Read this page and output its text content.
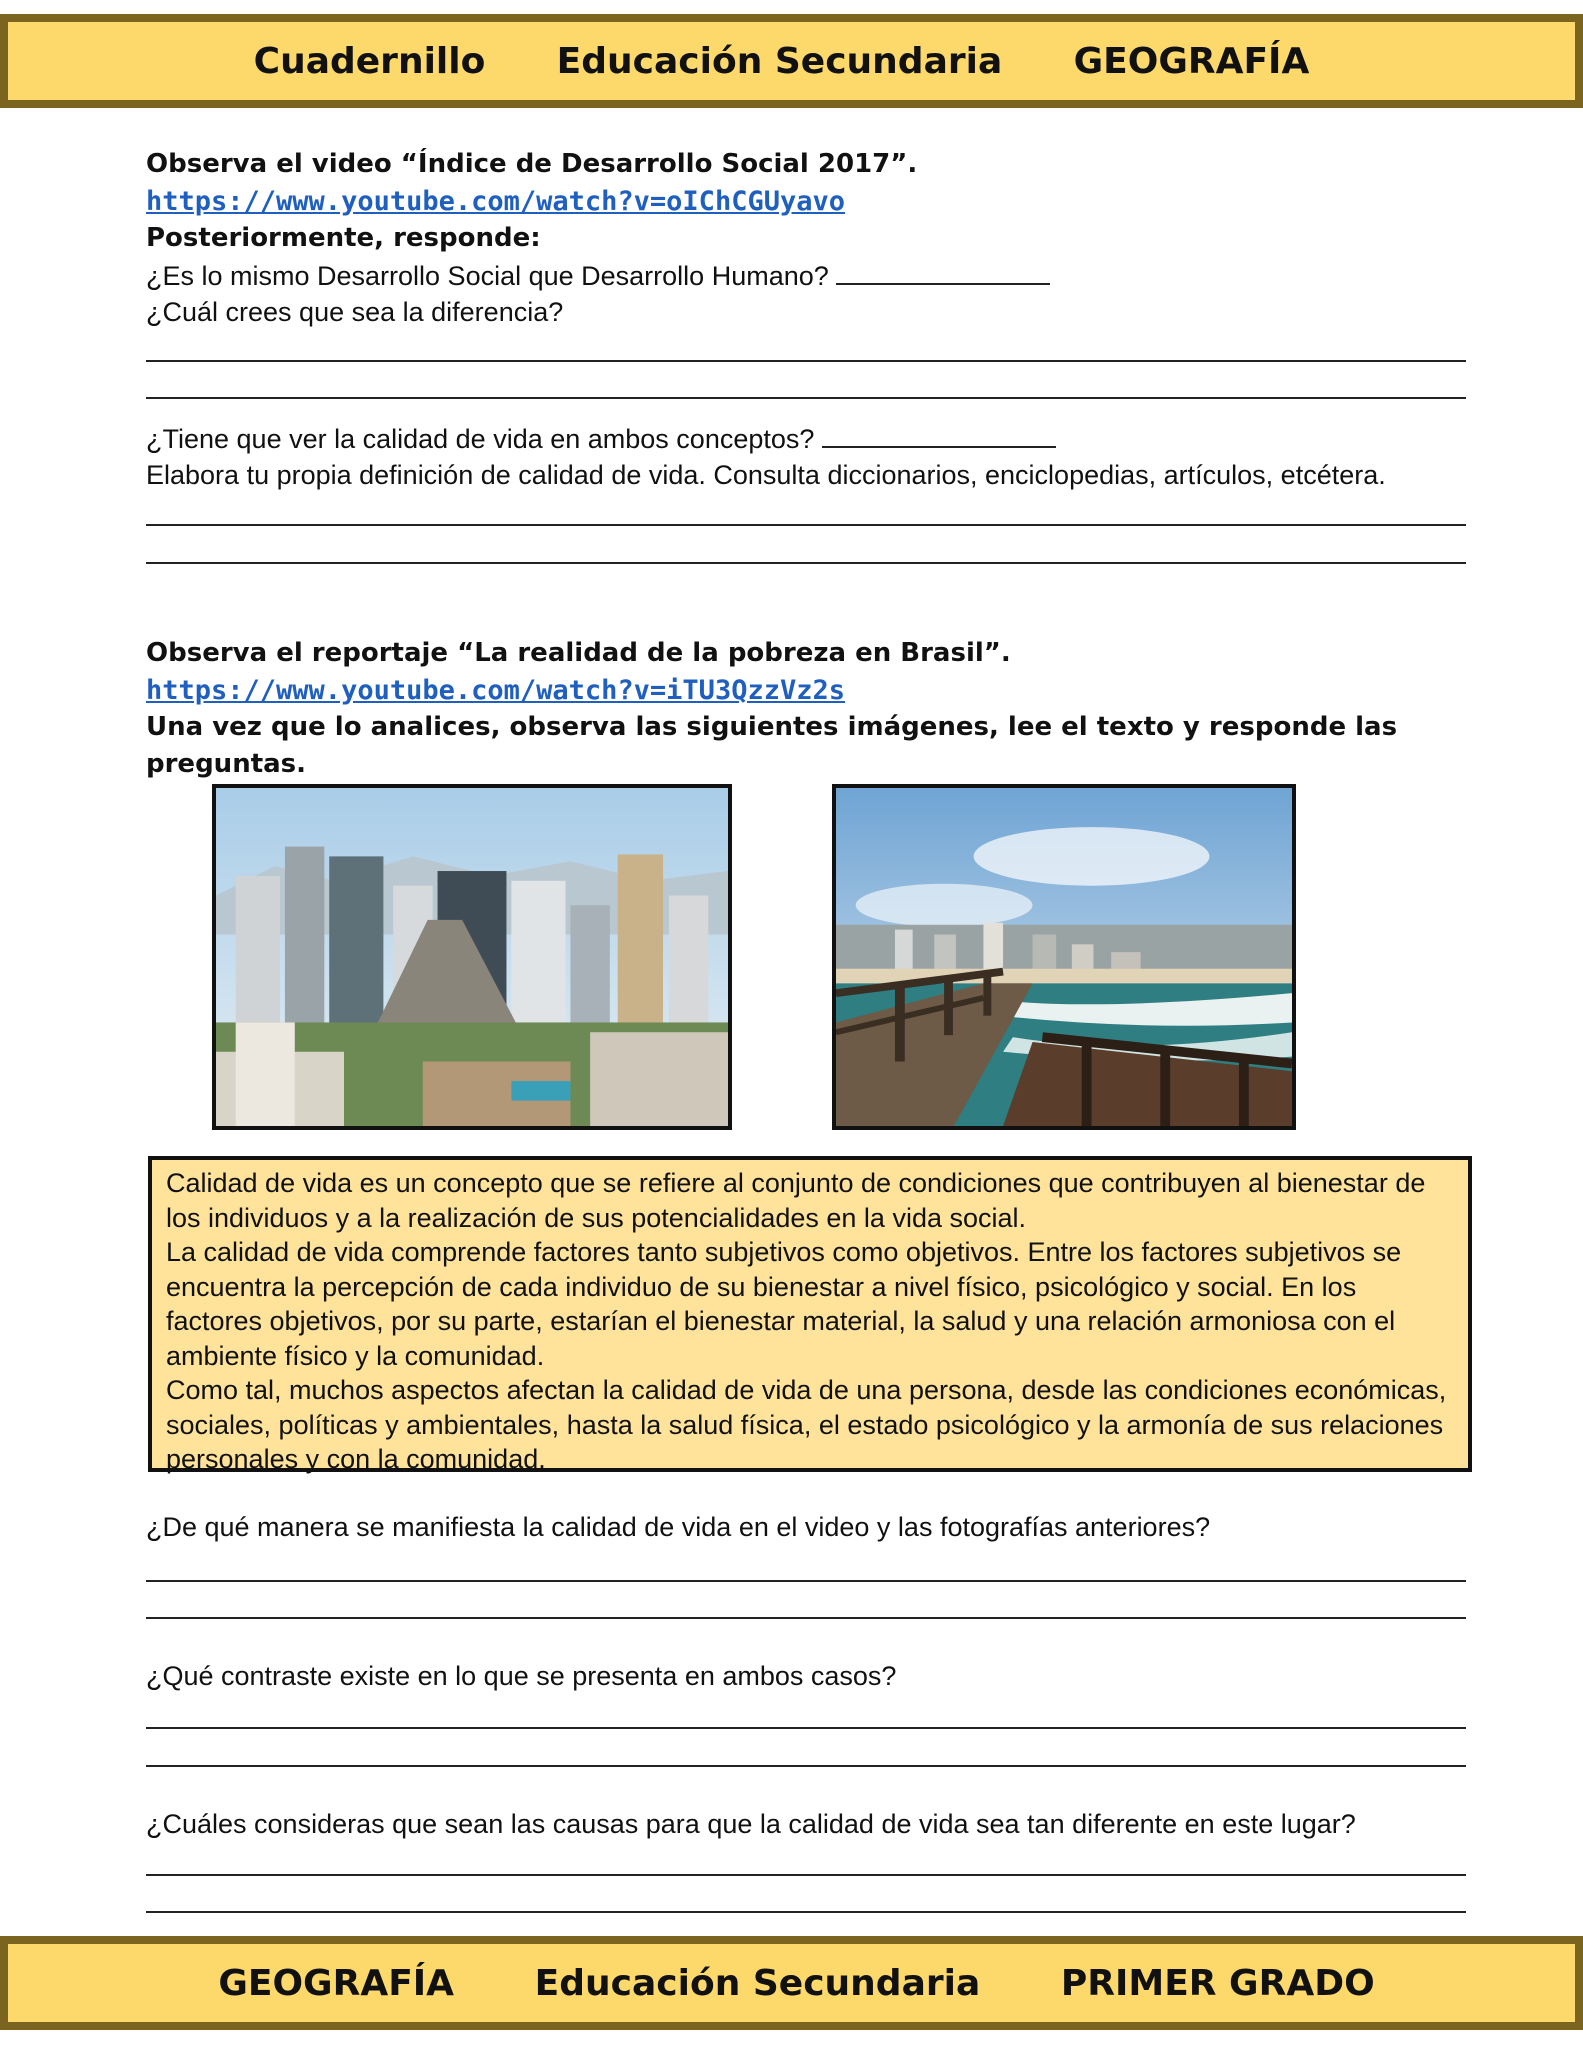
Cuadernillo Educación Secundaria GEOGRAFÍA
Observa el video “Índice de Desarrollo Social 2017”.
https://www.youtube.com/watch?v=oIChCGUyavo
Posteriormente, responde:
¿Es lo mismo Desarrollo Social que Desarrollo Humano?
¿Cuál crees que sea la diferencia?
¿Tiene que ver la calidad de vida en ambos conceptos?
Elabora tu propia definición de calidad de vida. Consulta diccionarios, enciclopedias, artículos, etcétera.
Observa el reportaje “La realidad de la pobreza en Brasil”.
https://www.youtube.com/watch?v=iTU3QzzVz2s
Una vez que lo analices, observa las siguientes imágenes, lee el texto y responde las
preguntas.

Calidad de vida es un concepto que se refiere al conjunto de condiciones que contribuyen al bienestar de los individuos y a la realización de sus potencialidades en la vida social.

La calidad de vida comprende factores tanto subjetivos como objetivos. Entre los factores subjetivos se encuentra la percepción de cada individuo de su bienestar a nivel físico, psicológico y social. En los factores objetivos, por su parte, estarían el bienestar material, la salud y una relación armoniosa con el ambiente físico y la comunidad.

Como tal, muchos aspectos afectan la calidad de vida de una persona, desde las condiciones económicas, sociales, políticas y ambientales, hasta la salud física, el estado psicológico y la armonía de sus relaciones personales y con la comunidad.

¿De qué manera se manifiesta la calidad de vida en el video y las fotografías anteriores?
¿Qué contraste existe en lo que se presenta en ambos casos?
¿Cuáles consideras que sean las causas para que la calidad de vida sea tan diferente en este lugar?
GEOGRAFÍA Educación Secundaria PRIMER GRADO
